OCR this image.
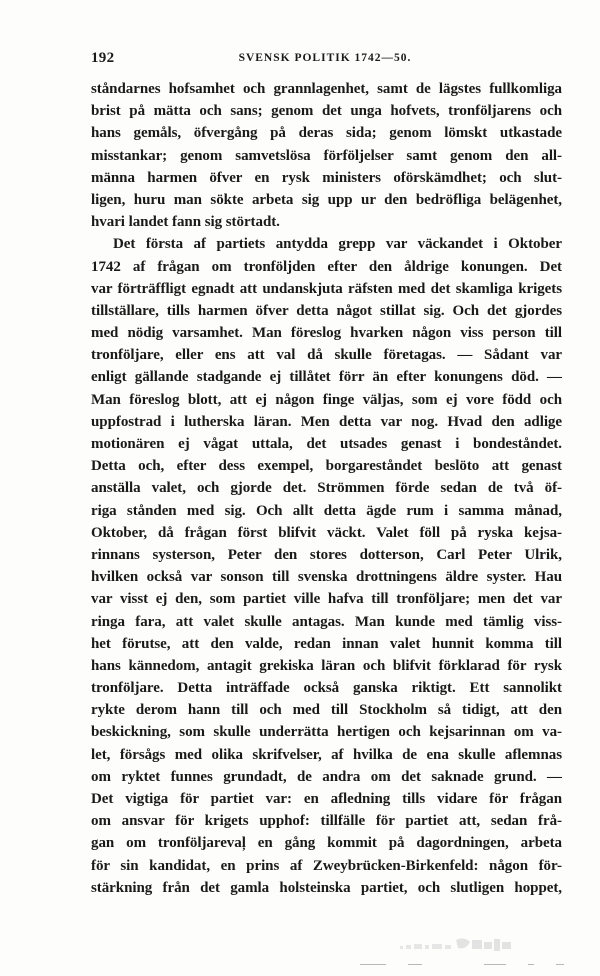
192	SVENSK POLITIK 1742—50.
ståndarnes hofsamhet och grannlagenhet, samt de lägstes fullkomliga
brist på mätta och sans; genom det unga hofvets, tronföljarens och
hans gemåls, öfvergång på deras sida; genom lömskt utkastade
misstankar; genom samvetslösa förföljelser samt genom den all-
männa harmen öfver en rysk ministers oförskämdhet; och slut-
ligen, huru man sökte arbeta sig upp ur den bedröfliga belägenhet,
hvari landet fann sig störtadt.
Det första af partiets antydda grepp var väckandet i Oktober
1742 af frågan om tronföljden efter den åldrige konungen. Det
var förträffligt egnadt att undanskjuta räfsten med det skamliga krigets
tillställare, tills harmen öfver detta något stillat sig. Och det gjordes
med nödig varsamhet. Man föreslog hvarken någon viss person till
tronföljare, eller ens att val då skulle företagas. — Sådant var
enligt gällande stadgande ej tillåtet förr än efter konungens död. —
Man föreslog blott, att ej någon finge väljas, som ej vore född och
uppfostrad i lutherska läran. Men detta var nog. Hvad den adlige
motionären ej vågat uttala, det utsades genast i bondeståndet.
Detta och, efter dess exempel, borgareståndet beslöto att genast
anställa valet, och gjorde det. Strömmen förde sedan de två öf-
riga stånden med sig. Och allt detta ägde rum i samma månad,
Oktober, då frågan först blifvit väckt. Valet föll på ryska kejsa-
rinnans systerson, Peter den stores dotterson, Carl Peter Ulrik,
hvilken också var sonson till svenska drottningens äldre syster. Hau
var visst ej den, som partiet ville hafva till tronföljare; men det var
ringa fara, att valet skulle antagas. Man kunde med tämlig viss-
het förutse, att den valde, redan innan valet hunnit komma till
hans kännedom, antagit grekiska läran och blifvit förklarad för rysk
tronföljare. Detta inträffade också ganska riktigt. Ett sannolikt
rykte derom hann till och med till Stockholm så tidigt, att den
beskickning, som skulle underrätta hertigen och kejsarinnan om va-
let, försågs med olika skrifvelser, af hvilka de ena skulle aflemnas
om ryktet funnes grundadt, de andra om det saknade grund. —
Det vigtiga för partiet var: en afledning tills vidare för frågan
om ansvar för krigets upphof: tillfälle för partiet att, sedan frå-
gan om tronföljarevaļ en gång kommit på dagordningen, arbeta
för sin kandidat, en prins af Zweybrücken-Birkenfeld: någon för-
stärkning från det gamla holsteinska partiet, och slutligen hoppet,
